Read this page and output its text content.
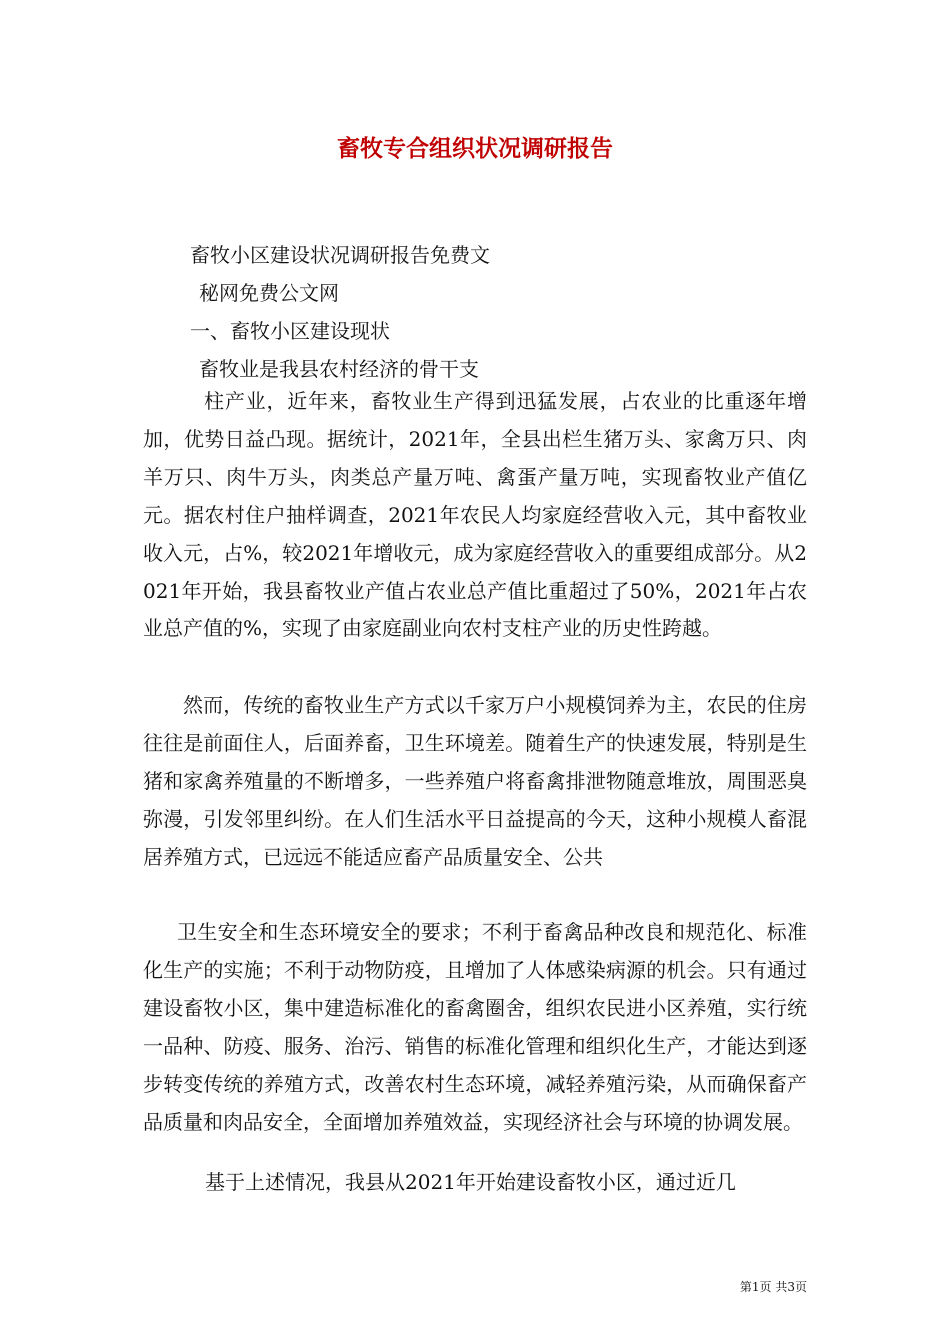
畜牧专合组织状况调研报告
畜牧小区建设状况调研报告免费文
秘网免费公文网
一、畜牧小区建设现状
畜牧业是我县农村经济的骨干支
柱产业，近年来，畜牧业生产得到迅猛发展，占农业的比重逐年增加，优势日益凸现。据统计，2021年，全县出栏生猪万头、家禽万只、肉羊万只、肉牛万头，肉类总产量万吨、禽蛋产量万吨，实现畜牧业产值亿元。据农村住户抽样调查，2021年农民人均家庭经营收入元，其中畜牧业收入元，占%，较2021年增收元，成为家庭经营收入的重要组成部分。从2021年开始，我县畜牧业产值占农业总产值比重超过了50%，2021年占农业总产值的%，实现了由家庭副业向农村支柱产业的历史性跨越。
然而，传统的畜牧业生产方式以千家万户小规模饲养为主，农民的住房往往是前面住人，后面养畜，卫生环境差。随着生产的快速发展，特别是生猪和家禽养殖量的不断增多，一些养殖户将畜禽排泄物随意堆放，周围恶臭弥漫，引发邻里纠纷。在人们生活水平日益提高的今天，这种小规模人畜混居养殖方式，已远远不能适应畜产品质量安全、公共
卫生安全和生态环境安全的要求；不利于畜禽品种改良和规范化、标准化生产的实施；不利于动物防疫，且增加了人体感染病源的机会。只有通过建设畜牧小区，集中建造标准化的畜禽圈舍，组织农民进小区养殖，实行统一品种、防疫、服务、治污、销售的标准化管理和组织化生产，才能达到逐步转变传统的养殖方式，改善农村生态环境，减轻养殖污染，从而确保畜产品质量和肉品安全，全面增加养殖效益，实现经济社会与环境的协调发展。
基于上述情况，我县从2021年开始建设畜牧小区，通过近几
第1页 共3页
